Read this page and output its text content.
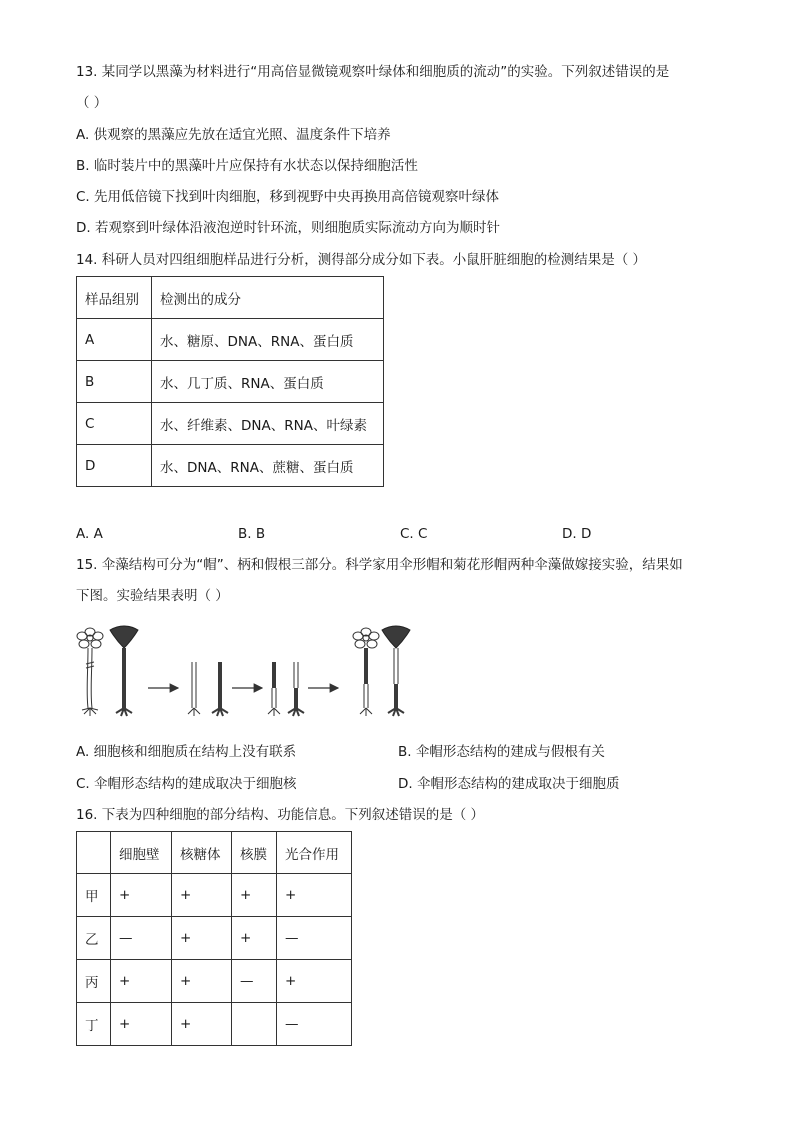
13. 某同学以黑藻为材料进行“用高倍显微镜观察叶绿体和细胞质的流动”的实验。下列叙述错误的是
（ ）
A. 供观察的黑藻应先放在适宜光照、温度条件下培养
B. 临时装片中的黑藻叶片应保持有水状态以保持细胞活性
C. 先用低倍镜下找到叶肉细胞，移到视野中央再换用高倍镜观察叶绿体
D. 若观察到叶绿体沿液泡逆时针环流，则细胞质实际流动方向为顺时针
14. 科研人员对四组细胞样品进行分析，测得部分成分如下表。小鼠肝脏细胞的检测结果是（ ）
样品组别	检测出的成分
A	水、糖原、DNA、RNA、蛋白质
B	水、几丁质、RNA、蛋白质
C	水、纤维素、DNA、RNA、叶绿素
D	水、DNA、RNA、蔗糖、蛋白质
A. A	B. B	C. C	D. D
15. 伞藻结构可分为“帽”、柄和假根三部分。科学家用伞形帽和菊花形帽两种伞藻做嫁接实验，结果如
下图。实验结果表明（ ）
A. 细胞核和细胞质在结构上没有联系	B. 伞帽形态结构的建成与假根有关
C. 伞帽形态结构的建成取决于细胞核	D. 伞帽形态结构的建成取决于细胞质
16. 下表为四种细胞的部分结构、功能信息。下列叙述错误的是（ ）
	细胞壁	核糖体	核膜	光合作用
甲	+	+	+	+
乙	—	+	+	—
丙	+	+	—	+
丁	+	+		—
